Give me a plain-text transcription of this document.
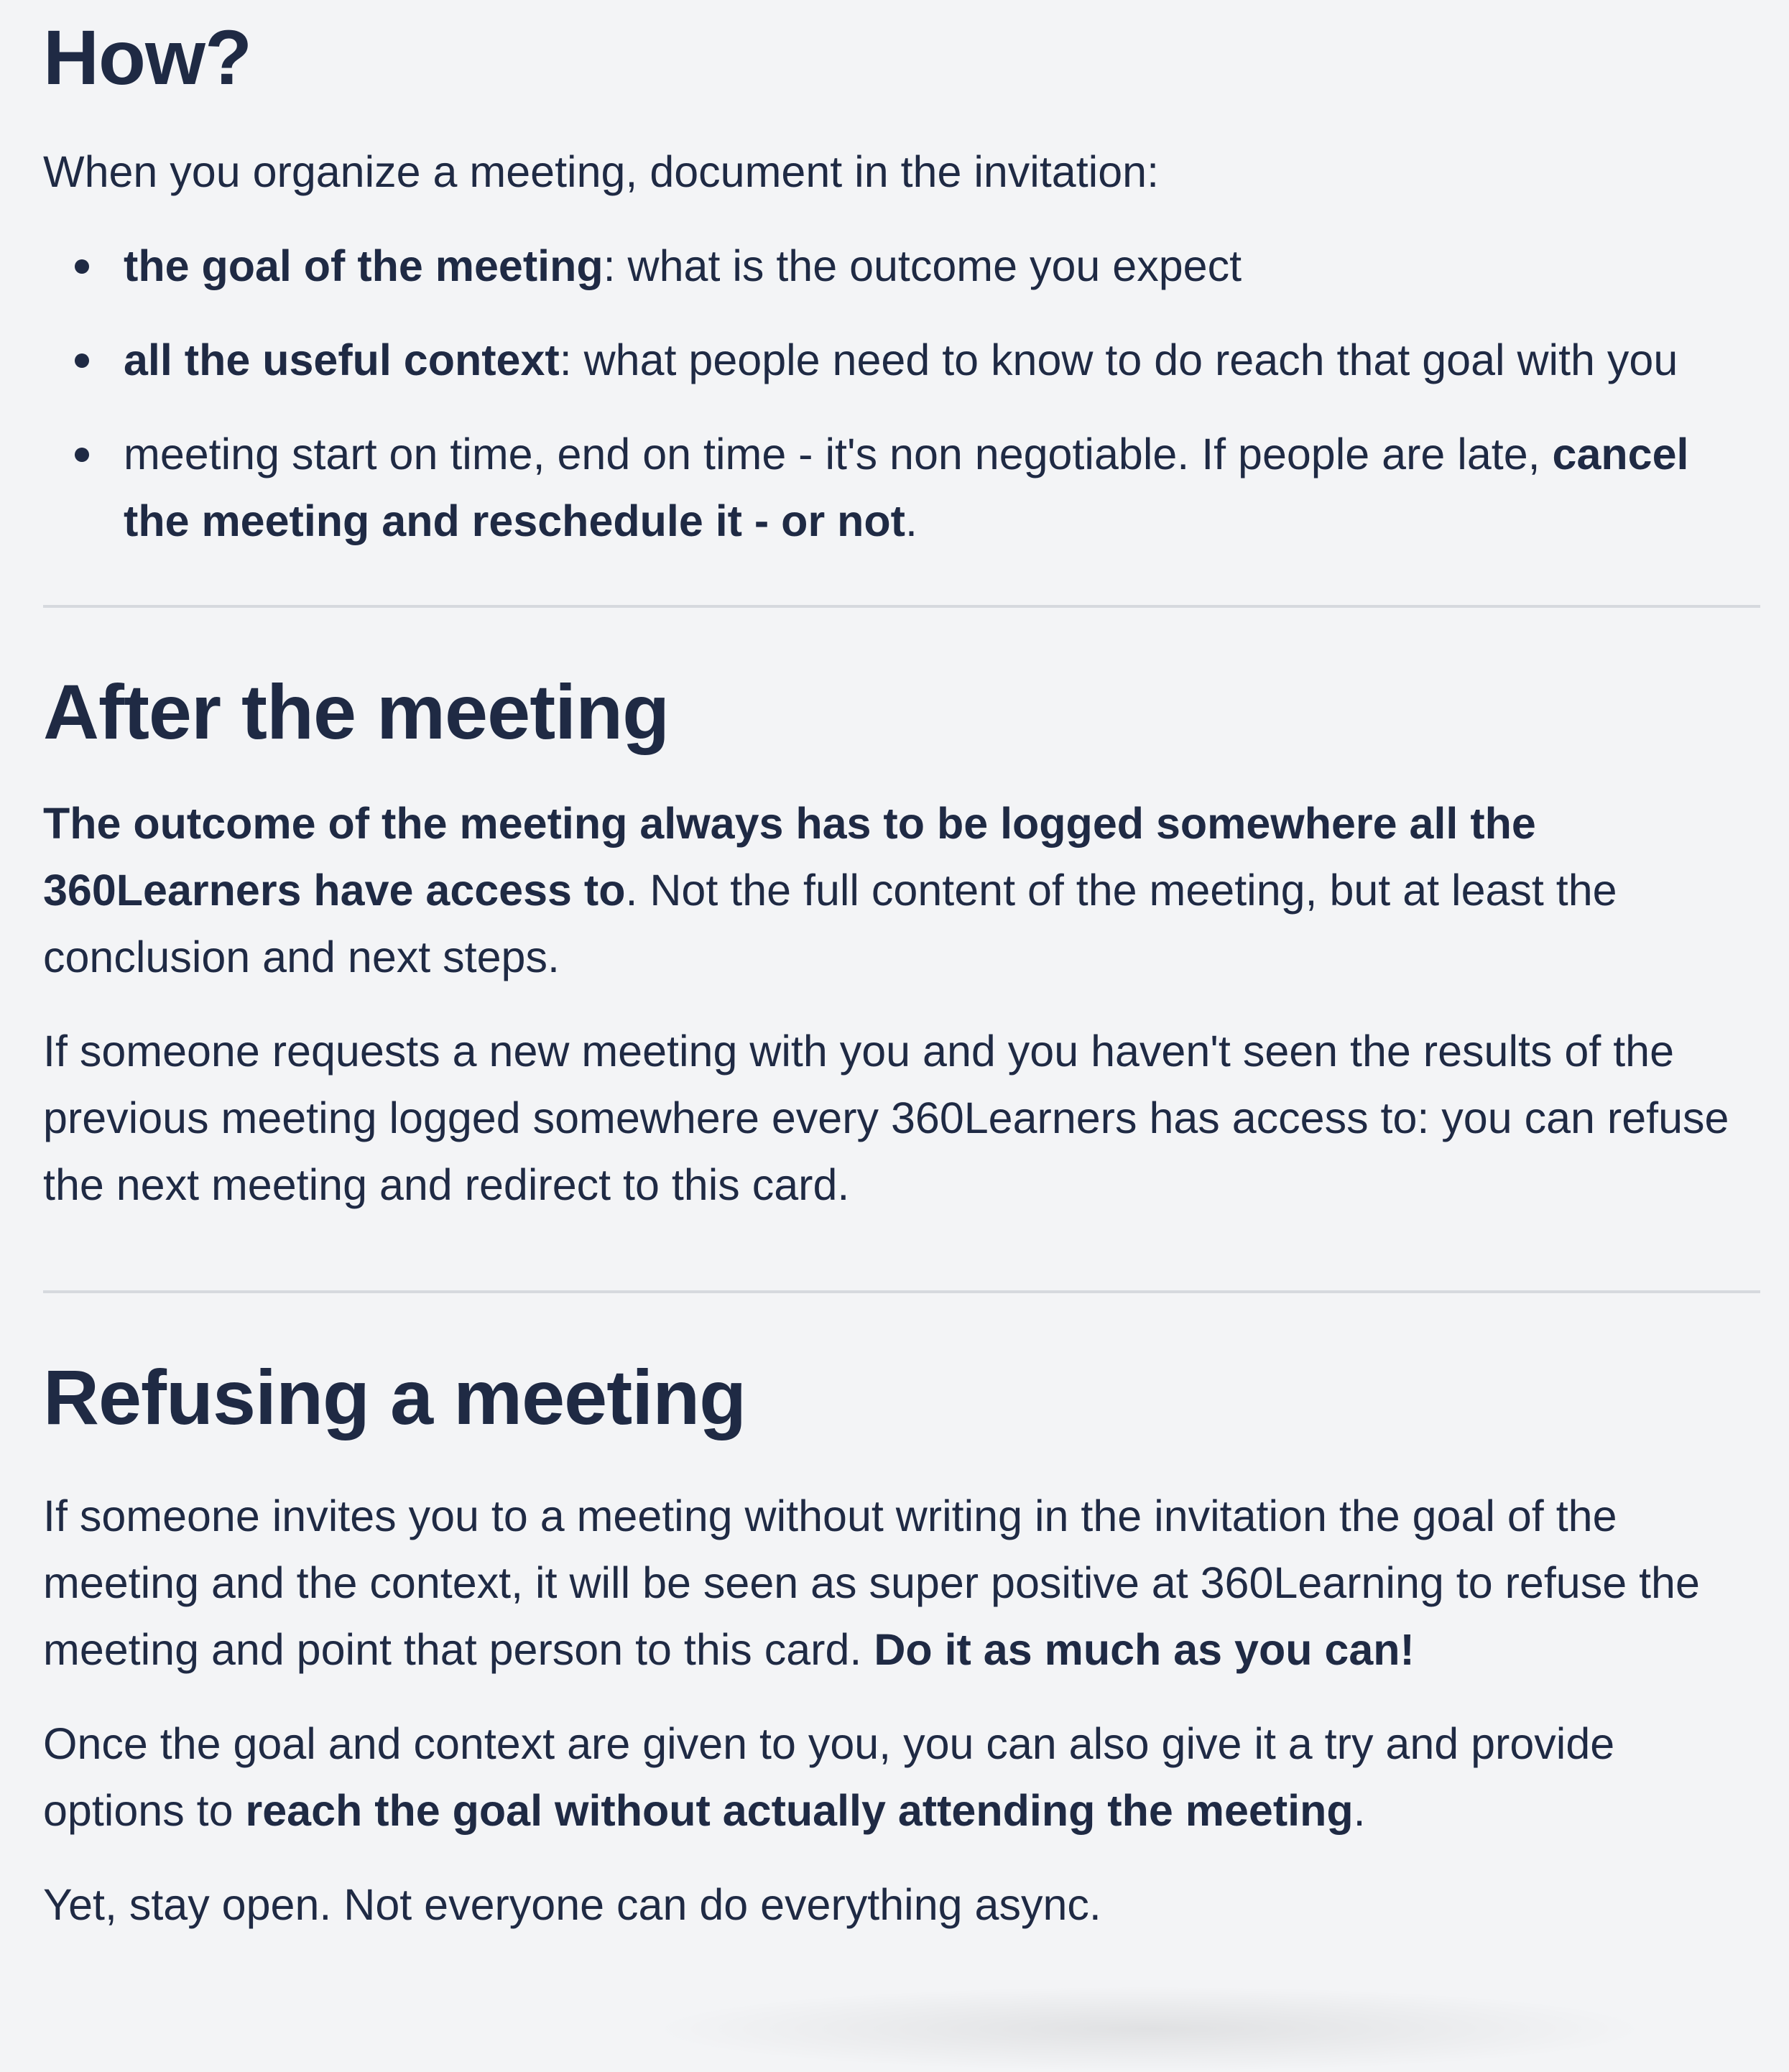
How?

When you organize a meeting, document in the invitation:

the goal of the meeting: what is the outcome you expect
all the useful context: what people need to know to do reach that goal with you
meeting start on time, end on time - it's non negotiable. If people are late, cancel the meeting and reschedule it - or not.
After the meeting

The outcome of the meeting always has to be logged somewhere all the 360Learners have access to. Not the full content of the meeting, but at least the conclusion and next steps.

If someone requests a new meeting with you and you haven't seen the results of the previous meeting logged somewhere every 360Learners has access to: you can refuse the next meeting and redirect to this card.

Refusing a meeting

If someone invites you to a meeting without writing in the invitation the goal of the meeting and the context, it will be seen as super positive at 360Learning to refuse the meeting and point that person to this card. Do it as much as you can!

Once the goal and context are given to you, you can also give it a try and provide options to reach the goal without actually attending the meeting.

Yet, stay open. Not everyone can do everything async.
